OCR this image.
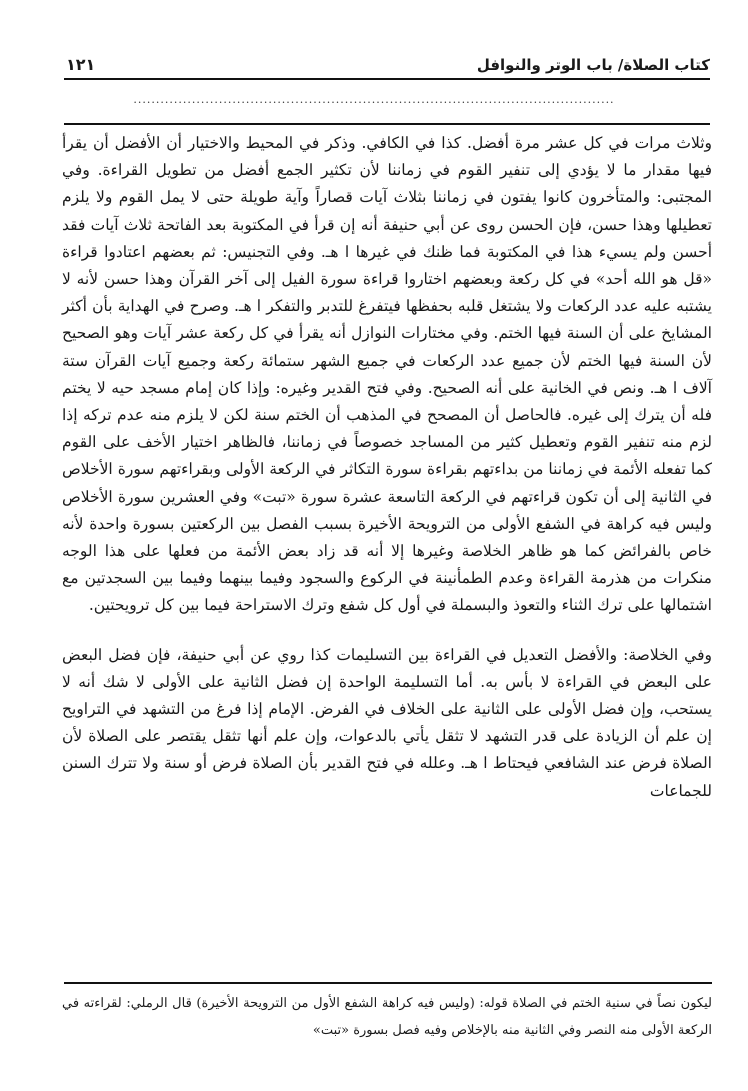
كتاب الصلاة/ باب الوتر والنوافل
١٢١
...........................................................................................................

وثلاث مرات في كل عشر مرة أفضل. كذا في الكافي. وذكر في المحيط والاختيار أن الأفضل أن يقرأ فيها مقدار ما لا يؤدي إلى تنفير القوم في زماننا لأن تكثير الجمع أفضل من تطويل القراءة. وفي المجتبى: والمتأخرون كانوا يفتون في زماننا بثلاث آيات قصاراً وآية طويلة حتى لا يمل القوم ولا يلزم تعطيلها وهذا حسن، فإن الحسن روى عن أبي حنيفة أنه إن قرأ في المكتوبة بعد الفاتحة ثلاث آيات فقد أحسن ولم يسيء هذا في المكتوبة فما ظنك في غيرها ا هـ. وفي التجنيس: ثم بعضهم اعتادوا قراءة «قل هو الله أحد» في كل ركعة وبعضهم اختاروا قراءة سورة الفيل إلى آخر القرآن وهذا حسن لأنه لا يشتبه عليه عدد الركعات ولا يشتغل قلبه بحفظها فيتفرغ للتدبر والتفكر ا هـ. وصرح في الهداية بأن أكثر المشايخ على أن السنة فيها الختم. وفي مختارات النوازل أنه يقرأ في كل ركعة عشر آيات وهو الصحيح لأن السنة فيها الختم لأن جميع عدد الركعات في جميع الشهر ستمائة ركعة وجميع آيات القرآن ستة آلاف ا هـ. ونص في الخانية على أنه الصحيح. وفي فتح القدير وغيره: وإذا كان إمام مسجد حيه لا يختم فله أن يترك إلى غيره. فالحاصل أن المصحح في المذهب أن الختم سنة لكن لا يلزم منه عدم تركه إذا لزم منه تنفير القوم وتعطيل كثير من المساجد خصوصاً في زماننا، فالظاهر اختيار الأخف على القوم كما تفعله الأئمة في زماننا من بداءتهم بقراءة سورة التكاثر في الركعة الأولى وبقراءتهم سورة الأخلاص في الثانية إلى أن تكون قراءتهم في الركعة التاسعة عشرة سورة «تبت» وفي العشرين سورة الأخلاص وليس فيه كراهة في الشفع الأولى من الترويحة الأخيرة بسبب الفصل بين الركعتين بسورة واحدة لأنه خاص بالفرائض كما هو ظاهر الخلاصة وغيرها إلا أنه قد زاد بعض الأئمة من فعلها على هذا الوجه منكرات من هذرمة القراءة وعدم الطمأنينة في الركوع والسجود وفيما بينهما وفيما بين السجدتين مع اشتمالها على ترك الثناء والتعوذ والبسملة في أول كل شفع وترك الاستراحة فيما بين كل ترويحتين.

وفي الخلاصة: والأفضل التعديل في القراءة بين التسليمات كذا روي عن أبي حنيفة، فإن فضل البعض على البعض في القراءة لا بأس به. أما التسليمة الواحدة إن فضل الثانية على الأولى لا شك أنه لا يستحب، وإن فضل الأولى على الثانية على الخلاف في الفرض. الإمام إذا فرغ من التشهد في التراويح إن علم أن الزيادة على قدر التشهد لا تثقل يأتي بالدعوات، وإن علم أنها تثقل يقتصر على الصلاة لأن الصلاة فرض عند الشافعي فيحتاط ا هـ. وعلله في فتح القدير بأن الصلاة فرض أو سنة ولا تترك السنن للجماعات

ليكون نصاً في سنية الختم في الصلاة قوله: (وليس فيه كراهة الشفع الأول من الترويحة الأخيرة) قال الرملي: لقراءته في الركعة الأولى منه النصر وفي الثانية منه بالإخلاص وفيه فصل بسورة «تبت»
